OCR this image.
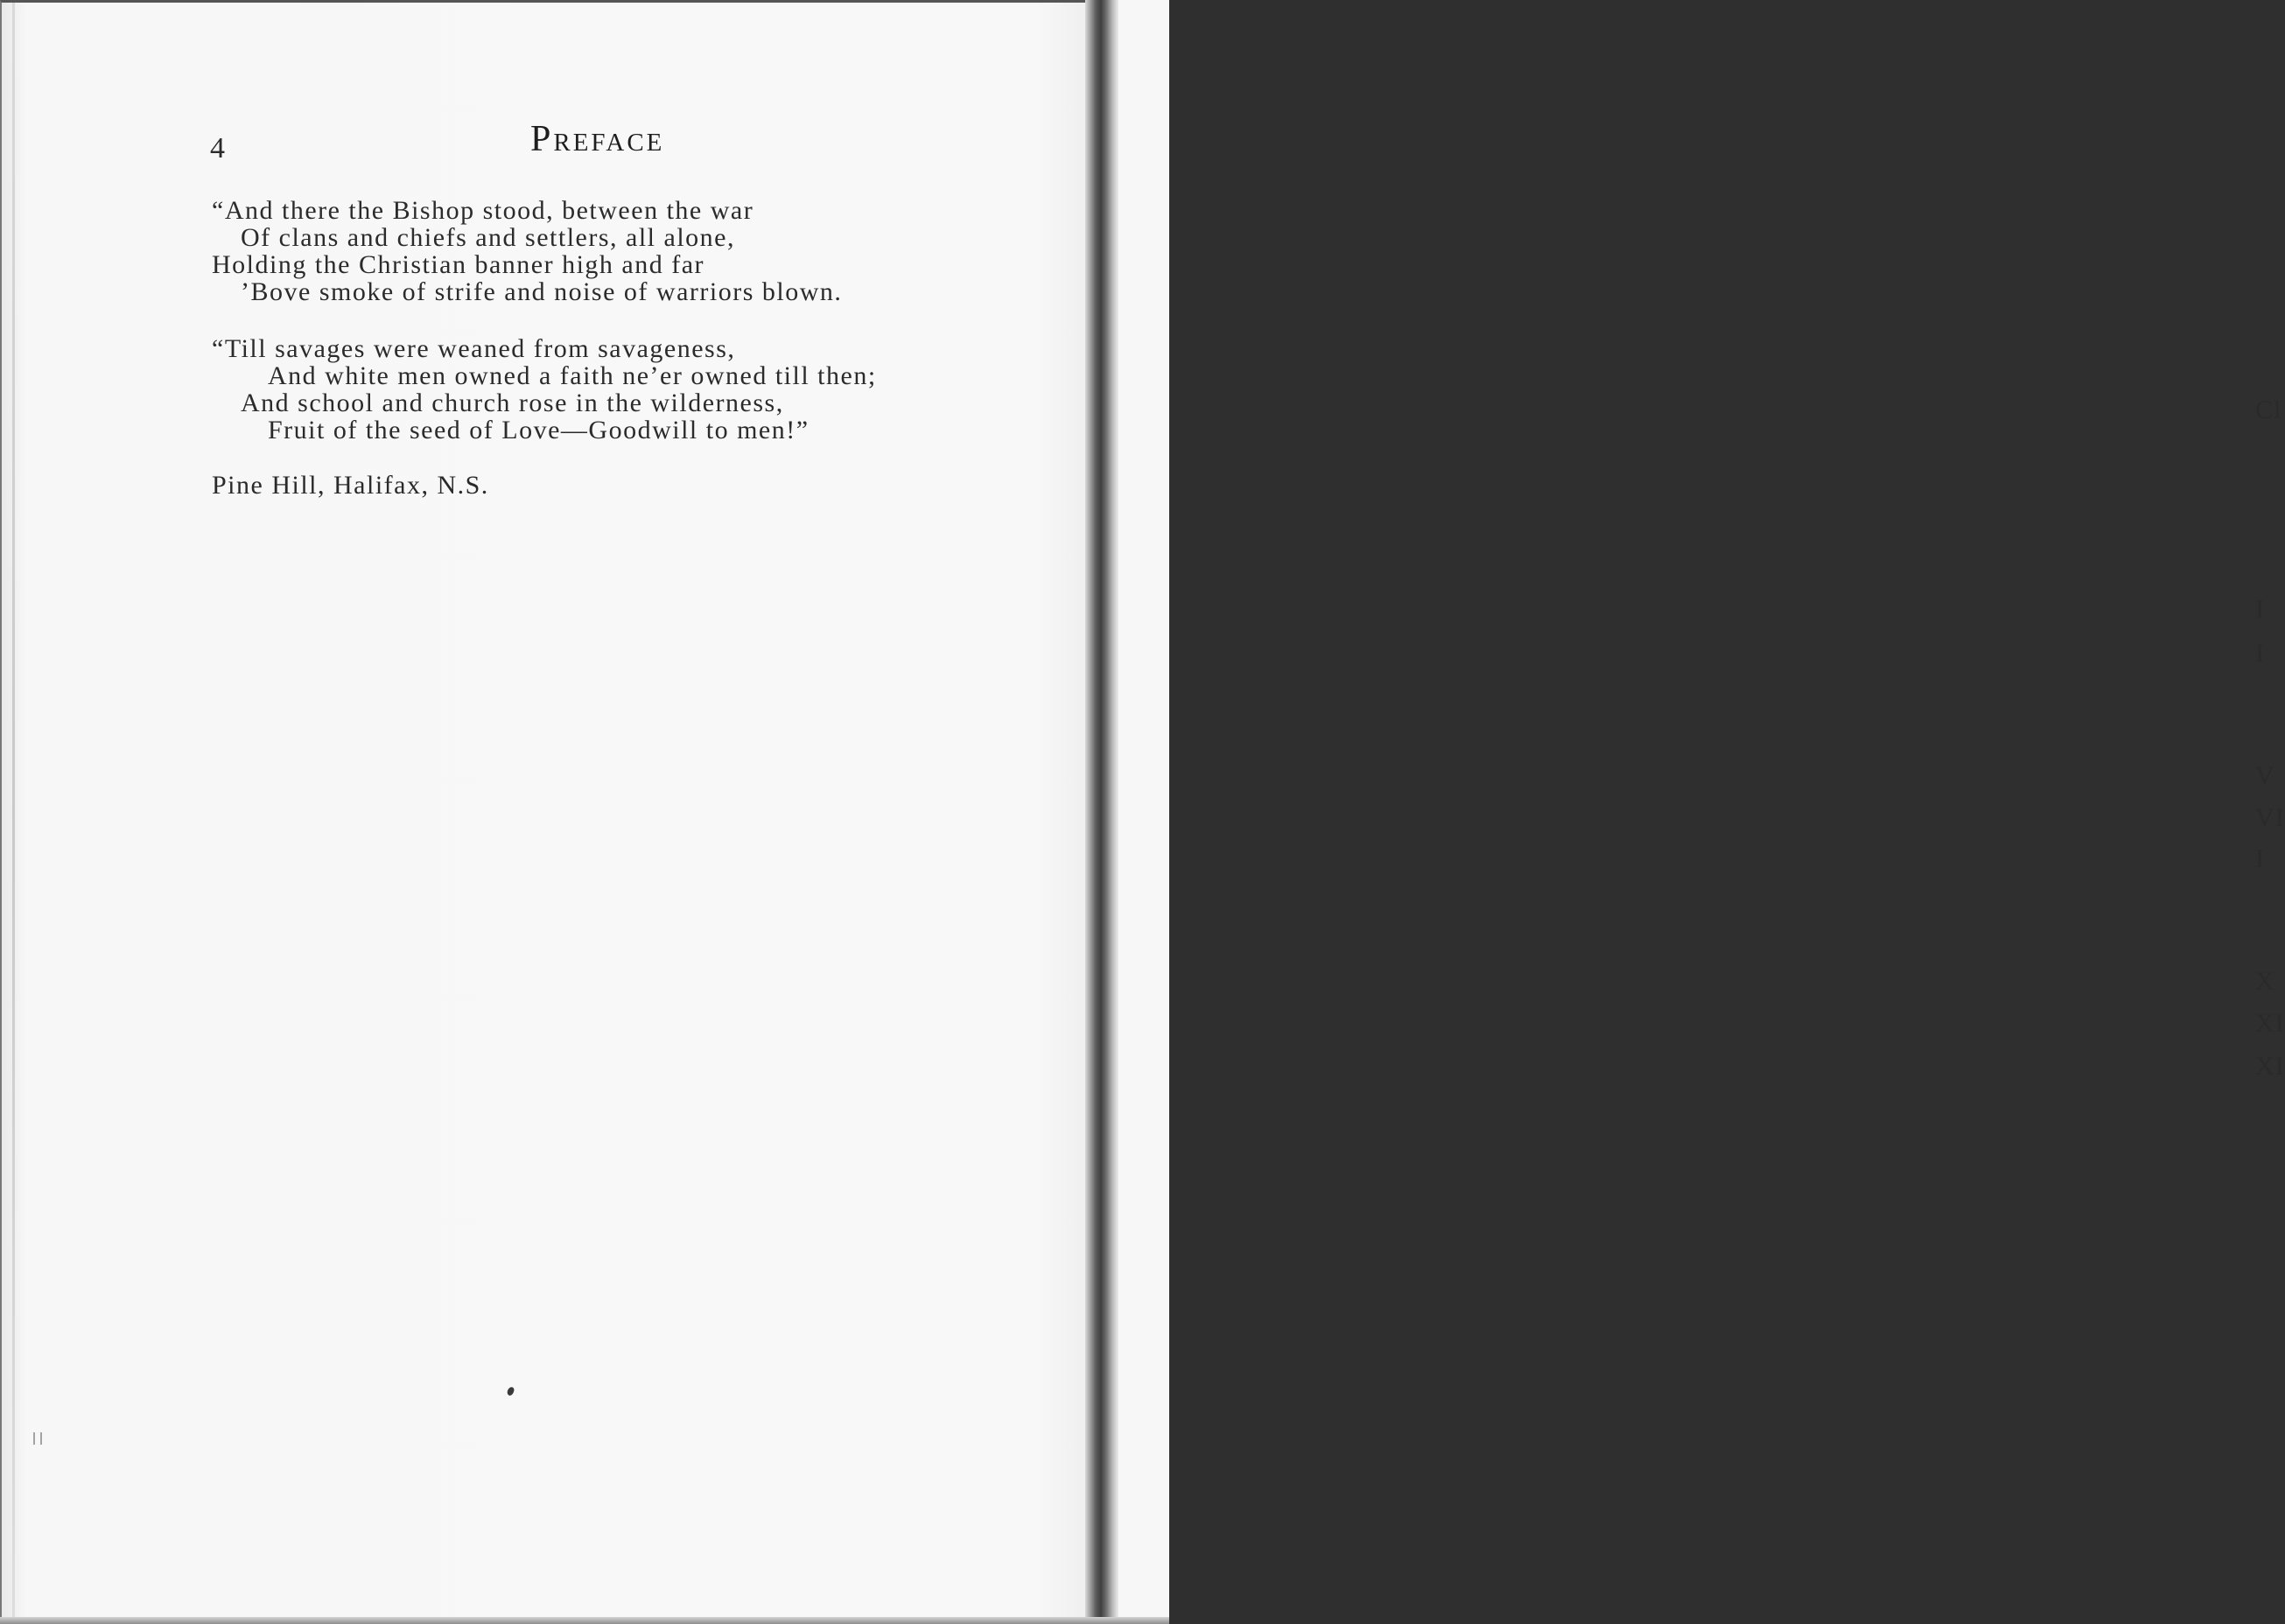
4	Preface
“And there the Bishop stood, between the war
Of clans and chiefs and settlers, all alone,
Holding the Christian banner high and far
’Bove smoke of strife and noise of warriors blown.
“Till savages were weaned from savageness,
And white men owned a faith ne’er owned till then;
And school and church rose in the wilderness,
Fruit of the seed of Love—Goodwill to men!”
Pine Hill, Halifax, N.S.
Cl
I
I
V
VI
I
X
XI
XI
